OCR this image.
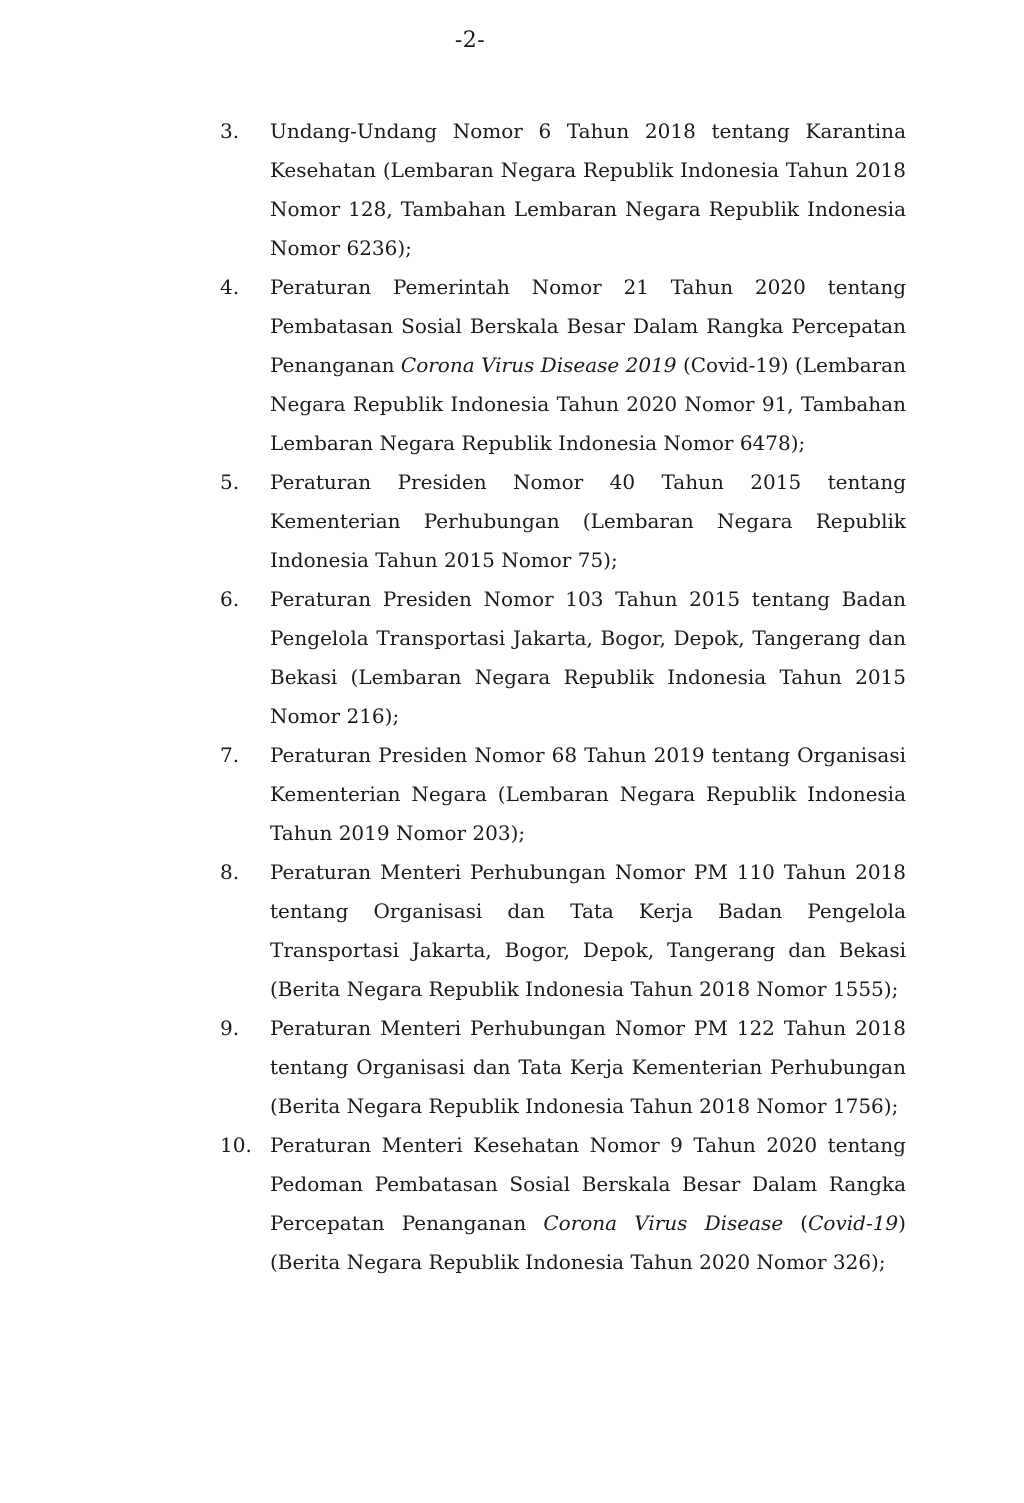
-2-
3.	Undang-Undang Nomor 6 Tahun 2018 tentang Karantina Kesehatan (Lembaran Negara Republik Indonesia Tahun 2018 Nomor 128, Tambahan Lembaran Negara Republik Indonesia Nomor 6236);
4.	Peraturan Pemerintah Nomor 21 Tahun 2020 tentang Pembatasan Sosial Berskala Besar Dalam Rangka Percepatan Penanganan Corona Virus Disease 2019 (Covid-19) (Lembaran Negara Republik Indonesia Tahun 2020 Nomor 91, Tambahan Lembaran Negara Republik Indonesia Nomor 6478);
5.	Peraturan Presiden Nomor 40 Tahun 2015 tentang Kementerian Perhubungan (Lembaran Negara Republik Indonesia Tahun 2015 Nomor 75);
6.	Peraturan Presiden Nomor 103 Tahun 2015 tentang Badan Pengelola Transportasi Jakarta, Bogor, Depok, Tangerang dan Bekasi (Lembaran Negara Republik Indonesia Tahun 2015 Nomor 216);
7.	Peraturan Presiden Nomor 68 Tahun 2019 tentang Organisasi Kementerian Negara (Lembaran Negara Republik Indonesia Tahun 2019 Nomor 203);
8.	Peraturan Menteri Perhubungan Nomor PM 110 Tahun 2018 tentang Organisasi dan Tata Kerja Badan Pengelola Transportasi Jakarta, Bogor, Depok, Tangerang dan Bekasi (Berita Negara Republik Indonesia Tahun 2018 Nomor 1555);
9.	Peraturan Menteri Perhubungan Nomor PM 122 Tahun 2018 tentang Organisasi dan Tata Kerja Kementerian Perhubungan (Berita Negara Republik Indonesia Tahun 2018 Nomor 1756);
10. Peraturan Menteri Kesehatan Nomor 9 Tahun 2020 tentang Pedoman Pembatasan Sosial Berskala Besar Dalam Rangka Percepatan Penanganan Corona Virus Disease (Covid-19) (Berita Negara Republik Indonesia Tahun 2020 Nomor 326);
